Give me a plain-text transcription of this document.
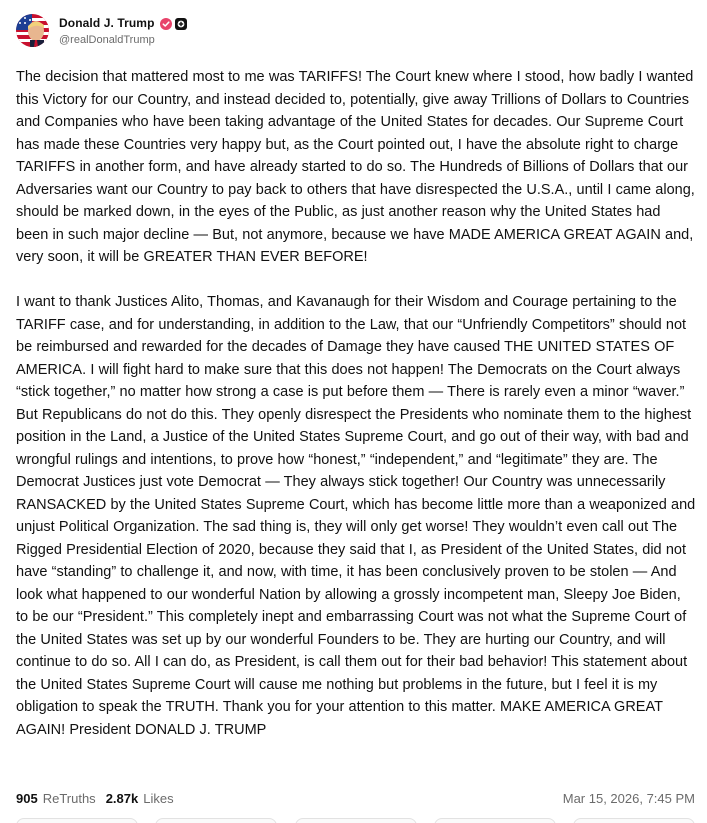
Donald J. Trump
@realDonaldTrump

The decision that mattered most to me was TARIFFS! The Court knew where I stood, how badly I wanted this Victory for our Country, and instead decided to, potentially, give away Trillions of Dollars to Countries and Companies who have been taking advantage of the United States for decades. Our Supreme Court has made these Countries very happy but, as the Court pointed out, I have the absolute right to charge TARIFFS in another form, and have already started to do so. The Hundreds of Billions of Dollars that our Adversaries want our Country to pay back to others that have disrespected the U.S.A., until I came along, should be marked down, in the eyes of the Public, as just another reason why the United States had been in such major decline — But, not anymore, because we have MADE AMERICA GREAT AGAIN and, very soon, it will be GREATER THAN EVER BEFORE!

I want to thank Justices Alito, Thomas, and Kavanaugh for their Wisdom and Courage pertaining to the TARIFF case, and for understanding, in addition to the Law, that our “Unfriendly Competitors” should not be reimbursed and rewarded for the decades of Damage they have caused THE UNITED STATES OF AMERICA. I will fight hard to make sure that this does not happen! The Democrats on the Court always “stick together,” no matter how strong a case is put before them — There is rarely even a minor “waver.” But Republicans do not do this. They openly disrespect the Presidents who nominate them to the highest position in the Land, a Justice of the United States Supreme Court, and go out of their way, with bad and wrongful rulings and intentions, to prove how “honest,” “independent,” and “legitimate” they are. The Democrat Justices just vote Democrat — They always stick together! Our Country was unnecessarily RANSACKED by the United States Supreme Court, which has become little more than a weaponized and unjust Political Organization. The sad thing is, they will only get worse! They wouldn’t even call out The Rigged Presidential Election of 2020, because they said that I, as President of the United States, did not have “standing” to challenge it, and now, with time, it has been conclusively proven to be stolen — And look what happened to our wonderful Nation by allowing a grossly incompetent man, Sleepy Joe Biden, to be our “President.” This completely inept and embarrassing Court was not what the Supreme Court of the United States was set up by our wonderful Founders to be. They are hurting our Country, and will continue to do so. All I can do, as President, is call them out for their bad behavior! This statement about the United States Supreme Court will cause me nothing but problems in the future, but I feel it is my obligation to speak the TRUTH. Thank you for your attention to this matter. MAKE AMERICA GREAT AGAIN! President DONALD J. TRUMP

905 ReTruths 2.87k Likes	Mar 15, 2026, 7:45 PM
